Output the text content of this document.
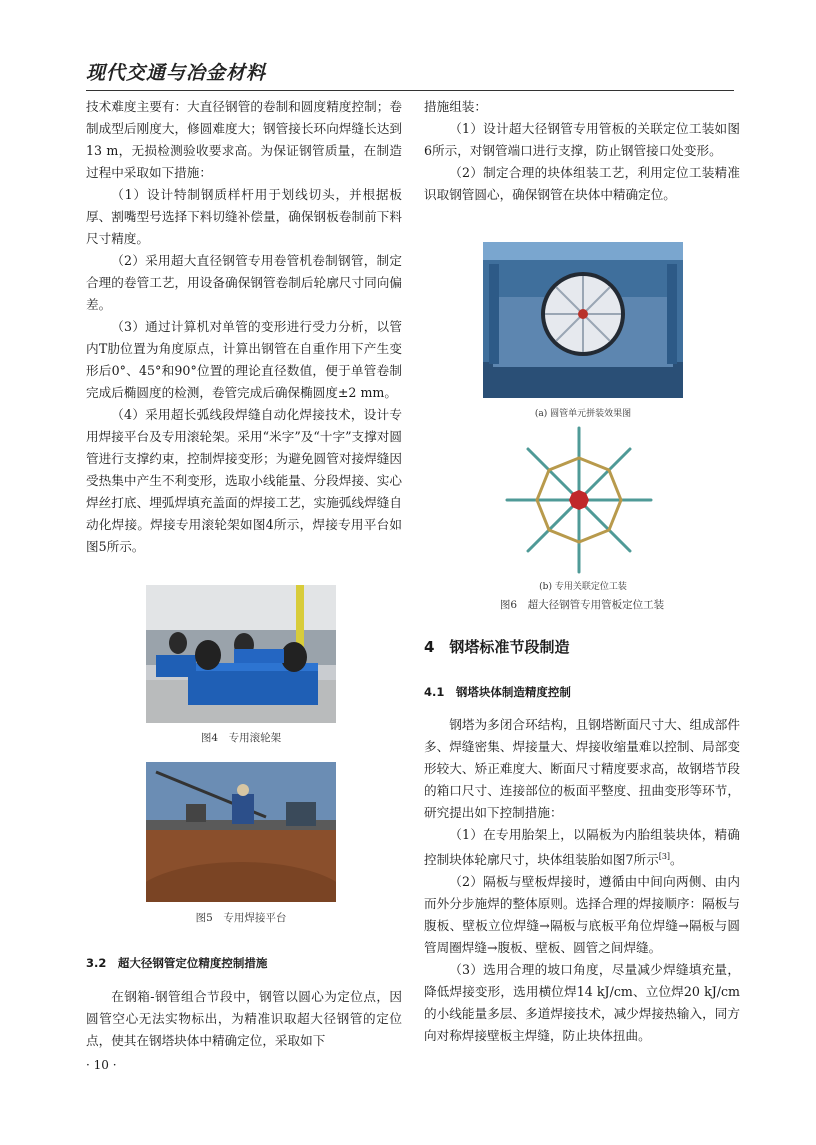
现代交通与冶金材料

技术难度主要有：大直径钢管的卷制和圆度精度控制；卷制成型后刚度大，修圆难度大；钢管接长环向焊缝长达到13 m，无损检测验收要求高。为保证钢管质量，在制造过程中采取如下措施：

（1）设计特制钢质样杆用于划线切头，并根据板厚、割嘴型号选择下料切缝补偿量，确保钢板卷制前下料尺寸精度。

（2）采用超大直径钢管专用卷管机卷制钢管，制定合理的卷管工艺，用设备确保钢管卷制后轮廓尺寸同向偏差。

（3）通过计算机对单管的变形进行受力分析，以管内T肋位置为角度原点，计算出钢管在自重作用下产生变形后0°、45°和90°位置的理论直径数值，便于单管卷制完成后椭圆度的检测，卷管完成后确保椭圆度±2 mm。

（4）采用超长弧线段焊缝自动化焊接技术，设计专用焊接平台及专用滚轮架。采用“米字”及“十字”支撑对圆管进行支撑约束，控制焊接变形；为避免圆管对接焊缝因受热集中产生不利变形，选取小线能量、分段焊接、实心焊丝打底、埋弧焊填充盖面的焊接工艺，实施弧线焊缝自动化焊接。焊接专用滚轮架如图4所示，焊接专用平台如图5所示。

图4　专用滚轮架
图5　专用焊接平台
3.2　超大径钢管定位精度控制措施

在钢箱-钢管组合节段中，钢管以圆心为定位点，因圆管空心无法实物标出，为精准识取超大径钢管的定位点，使其在钢塔块体中精确定位，采取如下

· 10 ·

措施组装：

（1）设计超大径钢管专用管板的关联定位工装如图6所示，对钢管端口进行支撑，防止钢管接口处变形。

（2）制定合理的块体组装工艺，利用定位工装精准识取钢管圆心，确保钢管在块体中精确定位。

(a) 圆管单元拼装效果图
(b) 专用关联定位工装
图6　超大径钢管专用管板定位工装
4　钢塔标准节段制造
4.1　钢塔块体制造精度控制

钢塔为多闭合环结构，且钢塔断面尺寸大、组成部件多、焊缝密集、焊接量大、焊接收缩量难以控制、局部变形较大、矫正难度大、断面尺寸精度要求高，故钢塔节段的箱口尺寸、连接部位的板面平整度、扭曲变形等环节，研究提出如下控制措施：

（1）在专用胎架上，以隔板为内胎组装块体，精确控制块体轮廓尺寸，块体组装胎如图7所示[3]。

（2）隔板与壁板焊接时，遵循由中间向两侧、由内而外分步施焊的整体原则。选择合理的焊接顺序：隔板与腹板、壁板立位焊缝→隔板与底板平角位焊缝→隔板与圆管周圈焊缝→腹板、壁板、圆管之间焊缝。

（3）选用合理的坡口角度，尽量减少焊缝填充量，降低焊接变形，选用横位焊14 kJ/cm、立位焊20 kJ/cm的小线能量多层、多道焊接技术，减少焊接热输入，同方向对称焊接壁板主焊缝，防止块体扭曲。
